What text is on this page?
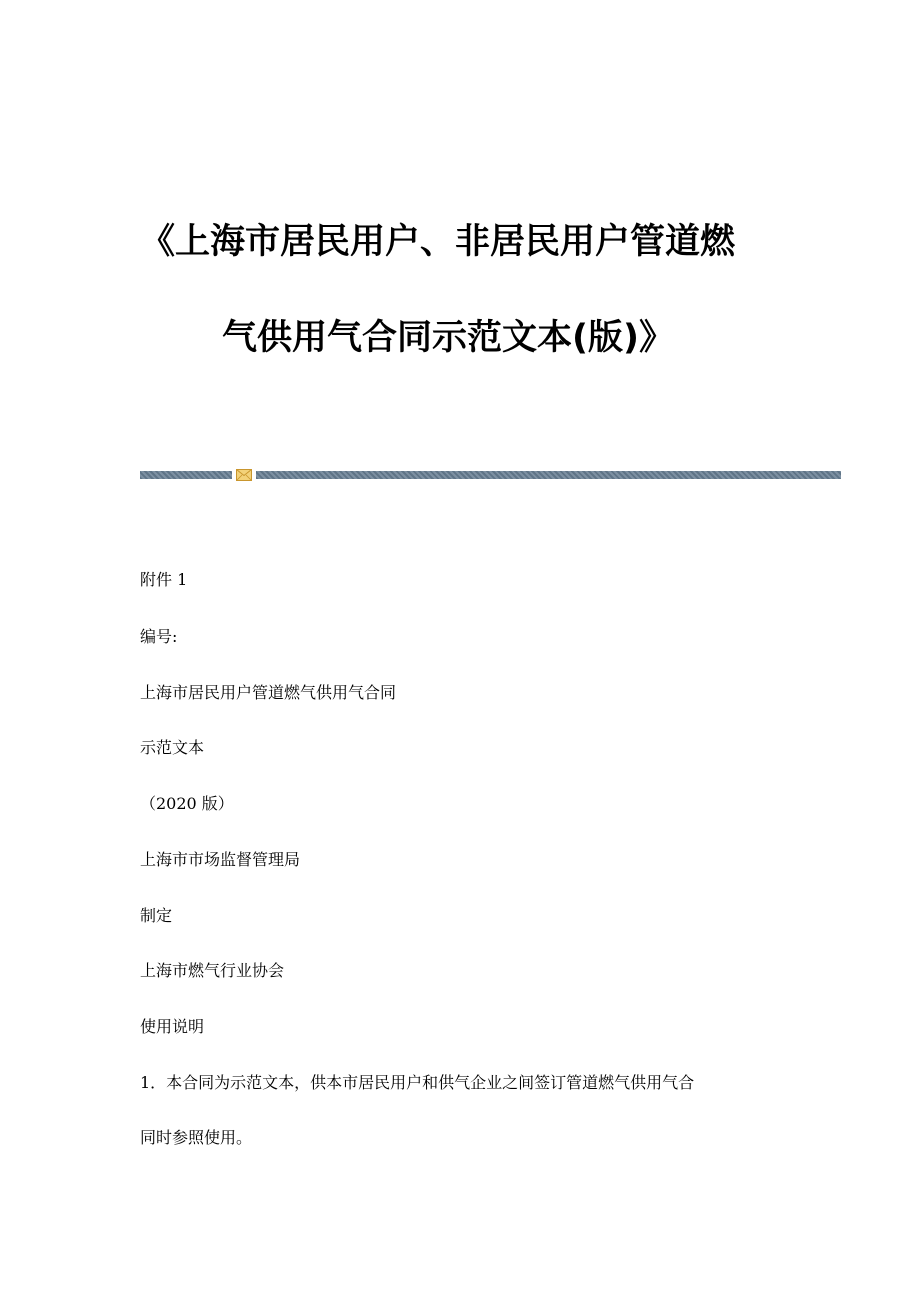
《上海市居民用户、非居民用户管道燃
气供用气合同示范文本(版)》
附件 1
编号:
上海市居民用户管道燃气供用气合同
示范文本
（2020 版）
上海市市场监督管理局
制定
上海市燃气行业协会
使用说明
1．本合同为示范文本，供本市居民用户和供气企业之间签订管道燃气供用气合
同时参照使用。
